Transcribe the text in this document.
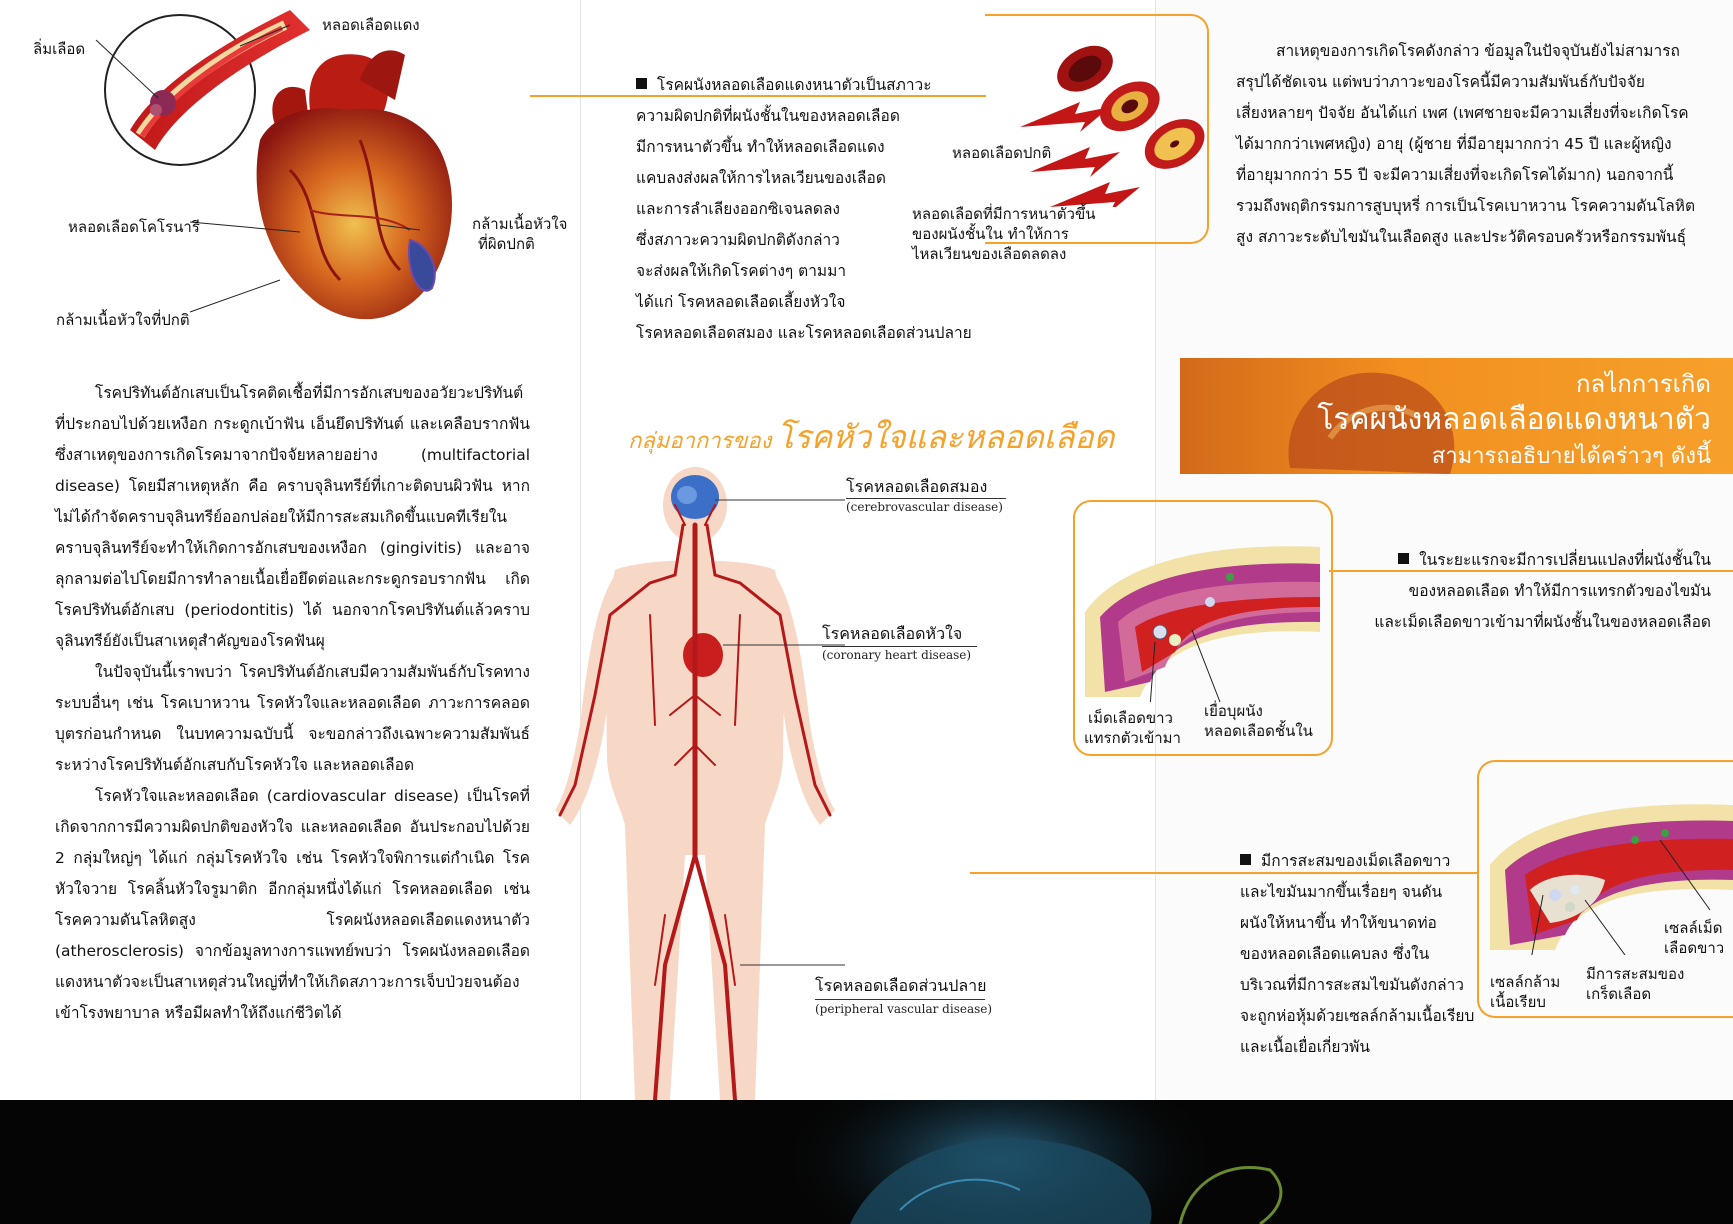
ลิ่มเลือด
หลอดเลือดแดง
หลอดเลือดโคโรนารี	กล้ามเนื้อหัวใจ
ที่ผิดปกติ
กล้ามเนื้อหัวใจที่ปกติ

โรคปริทันต์อักเสบเป็นโรคติดเชื้อที่มีการอักเสบของอวัยวะปริทันต์ ที่ประกอบไปด้วยเหงือก กระดูกเบ้าฟัน เอ็นยึดปริทันต์ และเคลือบรากฟัน ซึ่งสาเหตุของการเกิดโรคมาจากปัจจัยหลายอย่าง (multifactorial disease) โดยมีสาเหตุหลัก คือ คราบจุลินทรีย์ที่เกาะติดบนผิวฟัน หากไม่ได้กำจัดคราบจุลินทรีย์ออกปล่อยให้มีการสะสมเกิดขึ้นแบคทีเรียในคราบจุลินทรีย์จะทำให้เกิดการอักเสบของเหงือก (gingivitis) และอาจลุกลามต่อไปโดยมีการทำลายเนื้อเยื่อยึดต่อและกระดูกรอบรากฟัน เกิดโรคปริทันต์อักเสบ (periodontitis) ได้ นอกจากโรคปริทันต์แล้วคราบจุลินทรีย์ยังเป็นสาเหตุสำคัญของโรคฟันผุ

ในปัจจุบันนี้เราพบว่า โรคปริทันต์อักเสบมีความสัมพันธ์กับโรคทางระบบอื่นๆ เช่น โรคเบาหวาน โรคหัวใจและหลอดเลือด ภาวะการคลอดบุตรก่อนกำหนด ในบทความฉบับนี้ จะขอกล่าวถึงเฉพาะความสัมพันธ์ระหว่างโรคปริทันต์อักเสบกับโรคหัวใจ และหลอดเลือด

โรคหัวใจและหลอดเลือด (cardiovascular disease) เป็นโรคที่เกิดจากการมีความผิดปกติของหัวใจ และหลอดเลือด อันประกอบไปด้วย 2 กลุ่มใหญ่ๆ ได้แก่ กลุ่มโรคหัวใจ เช่น โรคหัวใจพิการแต่กำเนิด โรคหัวใจวาย โรคลิ้นหัวใจรูมาติก อีกกลุ่มหนึ่งได้แก่ โรคหลอดเลือด เช่น โรคความดันโลหิตสูง โรคผนังหลอดเลือดแดงหนาตัว (atherosclerosis) จากข้อมูลทางการแพทย์พบว่า โรคผนังหลอดเลือดแดงหนาตัวจะเป็นสาเหตุส่วนใหญ่ที่ทำให้เกิดสภาวะการเจ็บป่วยจนต้องเข้าโรงพยาบาล หรือมีผลทำให้ถึงแก่ชีวิตได้

โรคผนังหลอดเลือดแดงหนาตัวเป็นสภาวะ
ความผิดปกติที่ผนังชั้นในของหลอดเลือด
มีการหนาตัวขึ้น ทำให้หลอดเลือดแดง
แคบลงส่งผลให้การไหลเวียนของเลือด
และการลำเลียงออกซิเจนลดลง
ซึ่งสภาวะความผิดปกติดังกล่าว
จะส่งผลให้เกิดโรคต่างๆ ตามมา
ได้แก่ โรคหลอดเลือดเลี้ยงหัวใจ
โรคหลอดเลือดสมอง และโรคหลอดเลือดส่วนปลาย
หลอดเลือดปกติ
หลอดเลือดที่มีการหนาตัวขึ้น
ของผนังชั้นใน ทำให้การ
ไหลเวียนของเลือดลดลง
กลุ่มอาการของ โรคหัวใจและหลอดเลือด
โรคหลอดเลือดสมอง
(cerebrovascular disease)
โรคหลอดเลือดหัวใจ
(coronary heart disease)
โรคหลอดเลือดส่วนปลาย
(peripheral vascular disease)
สาเหตุของการเกิดโรคดังกล่าว ข้อมูลในปัจจุบันยังไม่สามารถ
สรุปได้ชัดเจน แต่พบว่าภาวะของโรคนี้มีความสัมพันธ์กับปัจจัย
เสี่ยงหลายๆ ปัจจัย อันได้แก่ เพศ (เพศชายจะมีความเสี่ยงที่จะเกิดโรค
ได้มากกว่าเพศหญิง) อายุ (ผู้ชาย ที่มีอายุมากกว่า 45 ปี และผู้หญิง
ที่อายุมากกว่า 55 ปี จะมีความเสี่ยงที่จะเกิดโรคได้มาก) นอกจากนี้
รวมถึงพฤติกรรมการสูบบุหรี่ การเป็นโรคเบาหวาน โรคความดันโลหิต
สูง สภาวะระดับไขมันในเลือดสูง และประวัติครอบครัวหรือกรรมพันธุ์
กลไกการเกิด
โรคผนังหลอดเลือดแดงหนาตัว
สามารถอธิบายได้คร่าวๆ ดังนี้
เม็ดเลือดขาว
แทรกตัวเข้ามา
เยื่อบุผนัง
หลอดเลือดชั้นใน
ในระยะแรกจะมีการเปลี่ยนแปลงที่ผนังชั้นใน
ของหลอดเลือด ทำให้มีการแทรกตัวของไขมัน
และเม็ดเลือดขาวเข้ามาที่ผนังชั้นในของหลอดเลือด
เซลล์เม็ด
เลือดขาว
เซลล์กล้าม
เนื้อเรียบ
มีการสะสมของ
เกร็ดเลือด
มีการสะสมของเม็ดเลือดขาว
และไขมันมากขึ้นเรื่อยๆ จนดัน
ผนังให้หนาขึ้น ทำให้ขนาดท่อ
ของหลอดเลือดแคบลง ซึ่งใน
บริเวณที่มีการสะสมไขมันดังกล่าว
จะถูกห่อหุ้มด้วยเซลล์กล้ามเนื้อเรียบ
และเนื้อเยื่อเกี่ยวพัน
